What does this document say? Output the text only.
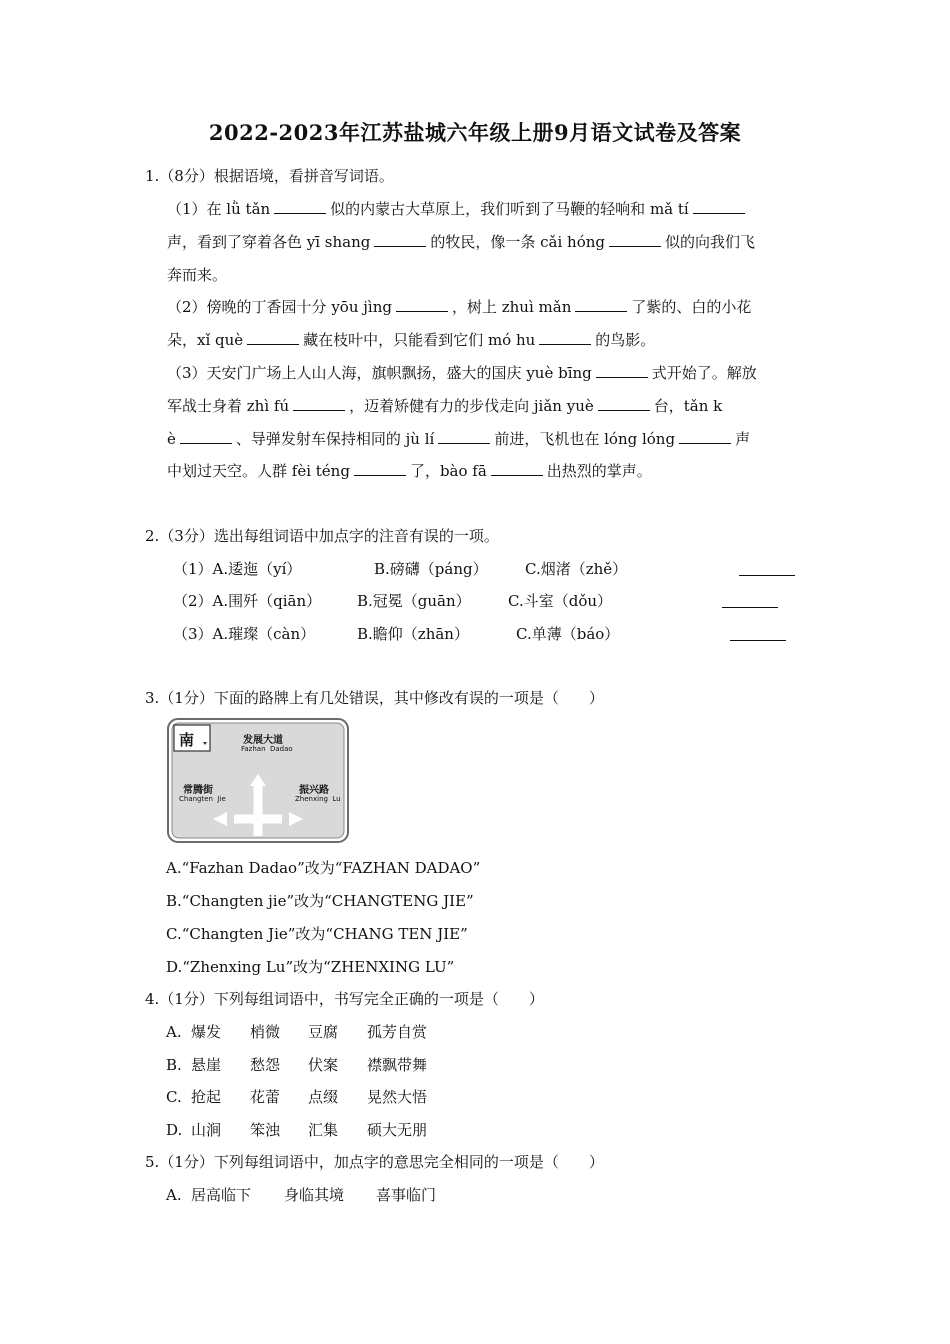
2022-2023年江苏盐城六年级上册9月语文试卷及答案
1.（8分）根据语境，看拼音写词语。
（1）在 lǜ tǎn	似的内蒙古大草原上，我们听到了马鞭的轻响和 mǎ tí
声，看到了穿着各色 yī shang	的牧民，像一条 cǎi hóng	似的向我们飞
奔而来。
（2）傍晚的丁香园十分 yōu jìng	，树上 zhuì mǎn	了紫的、白的小花
朵，xǐ què	藏在枝叶中，只能看到它们 mó hu	的鸟影。
（3）天安门广场上人山人海，旗帜飘扬，盛大的国庆 yuè bīng	式开始了。解放
军战士身着 zhì fú	，迈着矫健有力的步伐走向 jiǎn yuè	台，tǎn k
è	、导弹发射车保持相同的 jù lí	前进，飞机也在 lóng lóng	声
中划过天空。人群 fèi téng	了，bào fā	出热烈的掌声。
2.（3分）选出每组词语中加点字的注音有误的一项。
（1）A.逶迤（yí）	B.磅礴（páng） C.烟渚（zhě）
（2）A.围歼（qiān） B.冠冕（guān） C.斗室（dǒu）
（3）A.璀璨（càn）	B.瞻仰（zhān）	C.单薄（báo）
3.（1分）下面的路牌上有几处错误，其中修改有误的一项是（　　）
南	发展大道
Fazhan  Dadao
常腾街
Changten  Jie
振兴路
Zhenxing  Lu
A.“Fazhan Dadao”改为“FAZHAN DADAO”
B.“Changten jie”改为“CHANGTENG JIE”
C.“Changten Jie”改为“CHANG TEN JIE”
D.“Zhenxing Lu”改为“ZHENXING LU”
4.（1分）下列每组词语中，书写完全正确的一项是（　　）
A. 爆发 梢微 豆腐 孤芳自赏
B. 悬崖 愁怨 伏案 襟飘带舞
C. 抢起 花蕾 点缀 晃然大悟
D. 山涧 笨浊 汇集 硕大无朋
5.（1分）下列每组词语中，加点字的意思完全相同的一项是（　　）
A. 居高临下 身临其境 喜事临门
